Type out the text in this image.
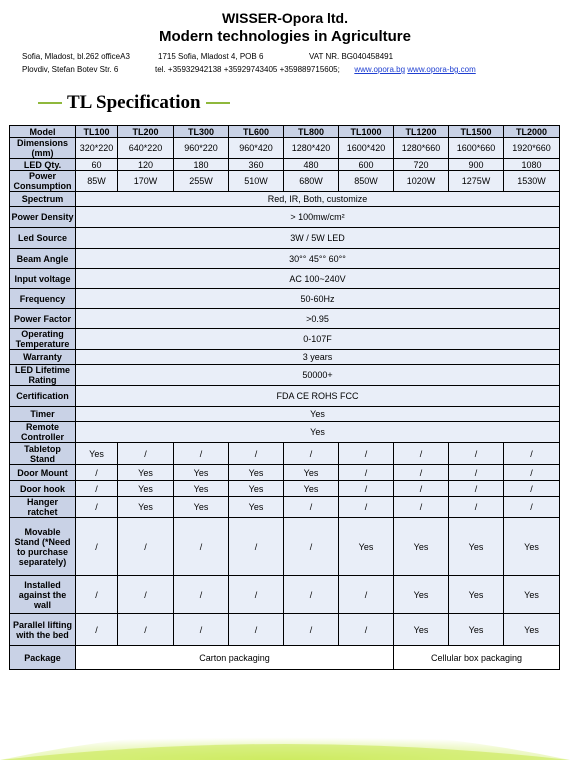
WISSER-Opora ltd.
Modern technologies in Agriculture
Sofia, Mladost, bl.262 officeA3	1715 Sofia, Mladost 4, POB 6	VAT NR. BG040458491
Plovdiv, Stefan Botev Str. 6	tel. +35932942138 +35929743405 +359889715605; www.opora.bg www.opora-bg.com
TL Specification
Model	TL100	TL200	TL300	TL600	TL800	TL1000	TL1200	TL1500	TL2000
Dimensions (mm)	320*220	640*220	960*220	960*420	1280*420	1600*420	1280*660	1600*660	1920*660
LED Qty.	60	120	180	360	480	600	720	900	1080
Power Consumption	85W	170W	255W	510W	680W	850W	1020W	1275W	1530W
Spectrum	Red, IR, Both, customize								
Power Density	> 100mw/cm²								
Led Source	3W / 5W LED								
Beam Angle	30°° 45°° 60°°								
Input voltage	AC 100~240V								
Frequency	50-60Hz								
Power Factor	>0.95								
Operating Temperature	0-107F								
Warranty	3 years								
LED Lifetime Rating	50000+								
Certification	FDA CE ROHS FCC								
Timer	Yes								
Remote Controller	Yes								
Tabletop Stand	Yes	/	/	/	/	/	/	/	/
Door Mount	/	Yes	Yes	Yes	Yes	/	/	/	/
Door hook	/	Yes	Yes	Yes	Yes	/	/	/	/
Hanger ratchet	/	Yes	Yes	Yes	/	/	/	/	/
Movable Stand (*Need to purchase separately)	/	/	/	/	/	Yes	Yes	Yes	Yes
Installed against the wall	/	/	/	/	/	/	Yes	Yes	Yes
Parallel lifting with the bed	/	/	/	/	/	/	Yes	Yes	Yes
Package	Carton packaging						Cellular box packaging		
